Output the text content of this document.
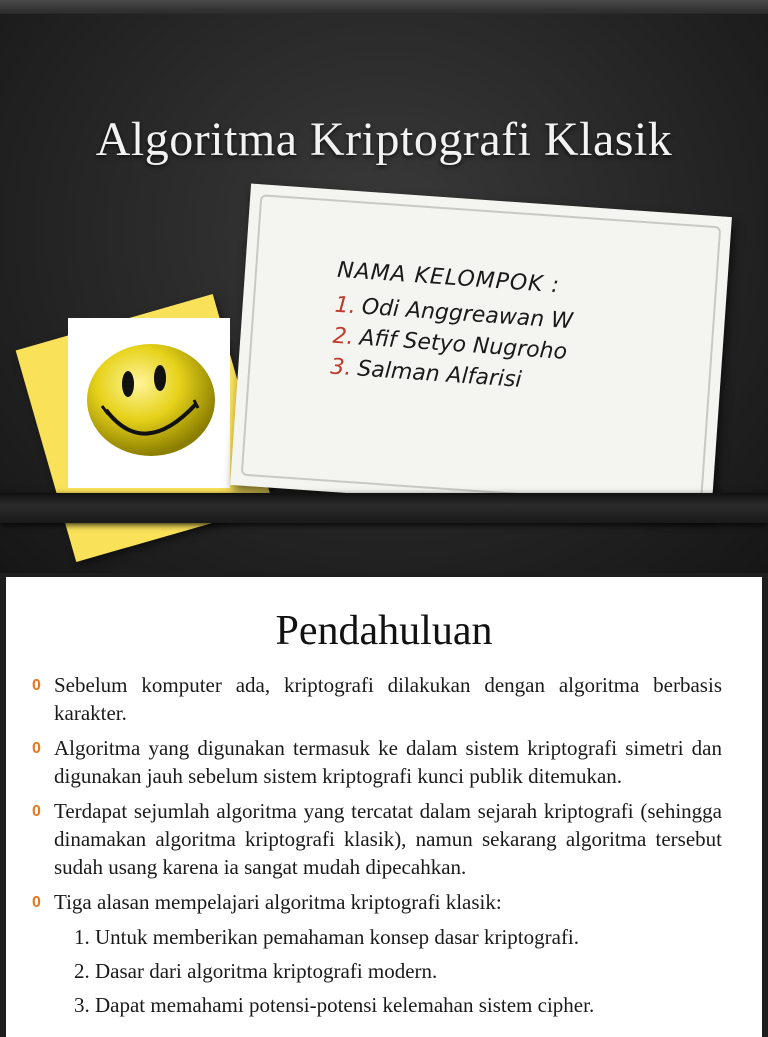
Algoritma Kriptografi Klasik
NAMA KELOMPOK :
1. Odi Anggreawan W
2. Afif Setyo Nugroho
3. Salman Alfarisi
Pendahuluan
0 Sebelum komputer ada, kriptografi dilakukan dengan algoritma berbasis karakter.
0 Algoritma yang digunakan termasuk ke dalam sistem kriptografi simetri dan digunakan jauh sebelum sistem kriptografi kunci publik ditemukan.
0 Terdapat sejumlah algoritma yang tercatat dalam sejarah kriptografi (sehingga dinamakan algoritma kriptografi klasik), namun sekarang algoritma tersebut sudah usang karena ia sangat mudah dipecahkan.
0 Tiga alasan mempelajari algoritma kriptografi klasik:
1. Untuk memberikan pemahaman konsep dasar kriptografi.
2. Dasar dari algoritma kriptografi modern.
3. Dapat memahami potensi-potensi kelemahan sistem cipher.
